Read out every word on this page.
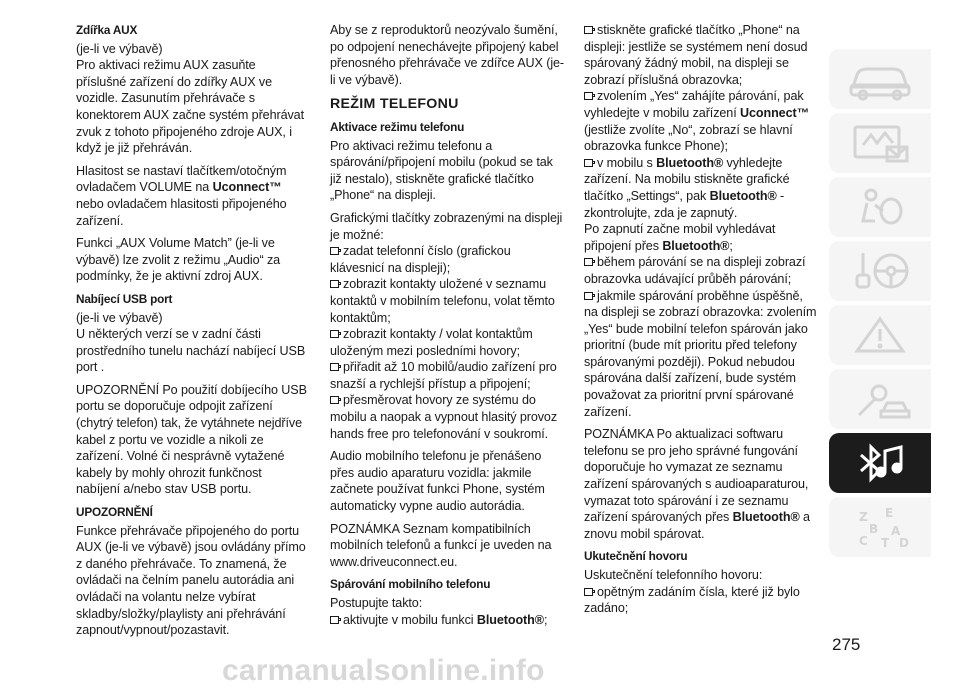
Zdířka AUX

(je-li ve výbavě)

Pro aktivaci režimu AUX zasuňte příslušné zařízení do zdířky AUX ve vozidle. Zasunutím přehrávače s konektorem AUX začne systém přehrávat zvuk z tohoto připojeného zdroje AUX, i když je již přehráván.

Hlasitost se nastaví tlačítkem/otočným ovladačem VOLUME na Uconnect™ nebo ovladačem hlasitosti připojeného zařízení.

Funkci „AUX Volume Match” (je-li ve výbavě) lze zvolit z režimu „Audio“ za podmínky, že je aktivní zdroj AUX.

Nabíjecí USB port

(je-li ve výbavě)

U některých verzí se v zadní části prostředního tunelu nachází nabíjecí USB port .

UPOZORNĚNÍ Po použití dobíjecího USB portu se doporučuje odpojit zařízení (chytrý telefon) tak, že vytáhnete nejdříve kabel z portu ve vozidle a nikoli ze zařízení. Volné či nesprávně vytažené kabely by mohly ohrozit funkčnost nabíjení a/nebo stav USB portu.

UPOZORNĚNÍ

Funkce přehrávače připojeného do portu AUX (je-li ve výbavě) jsou ovládány přímo z daného přehrávače. To znamená, že ovládači na čelním panelu autorádia ani ovládači na volantu nelze vybírat skladby/složky/playlisty ani přehrávání zapnout/vypnout/pozastavit.

Aby se z reproduktorů neozývalo šumění, po odpojení nenechávejte připojený kabel přenosného přehrávače ve zdířce AUX (je-li ve výbavě).

REŽIM TELEFONU
Aktivace režimu telefonu

Pro aktivaci režimu telefonu a spárování/připojení mobilu (pokud se tak již nestalo), stiskněte grafické tlačítko „Phone“ na displeji.

Grafickými tlačítky zobrazenými na displeji je možné:

zadat telefonní číslo (grafickou klávesnicí na displeji);
zobrazit kontakty uložené v seznamu kontaktů v mobilním telefonu, volat těmto kontaktům;
zobrazit kontakty / volat kontaktům uloženým mezi posledními hovory;
přiřadit až 10 mobilů/audio zařízení pro snazší a rychlejší přístup a připojení;
přesměrovat hovory ze systému do mobilu a naopak a vypnout hlasitý provoz hands free pro telefonování v soukromí.

Audio mobilního telefonu je přenášeno přes audio aparaturu vozidla: jakmile začnete používat funkci Phone, systém automaticky vypne audio autorádia.

POZNÁMKA Seznam kompatibilních mobilních telefonů a funkcí je uveden na www.driveuconnect.eu.

Spárování mobilního telefonu

Postupujte takto:

aktivujte v mobilu funkci Bluetooth®;
stiskněte grafické tlačítko „Phone“ na displeji: jestliže se systémem není dosud spárovaný žádný mobil, na displeji se zobrazí příslušná obrazovka;
zvolením „Yes“ zahájíte párování, pak vyhledejte v mobilu zařízení Uconnect™ (jestliže zvolíte „No“, zobrazí se hlavní obrazovka funkce Phone);
v mobilu s Bluetooth® vyhledejte zařízení. Na mobilu stiskněte grafické tlačítko „Settings“, pak Bluetooth® - zkontrolujte, zda je zapnutý.
Po zapnutí začne mobil vyhledávat připojení přes Bluetooth®;
během párování se na displeji zobrazí obrazovka udávající průběh párování;
jakmile spárování proběhne úspěšně, na displeji se zobrazí obrazovka: zvolením „Yes“ bude mobilní telefon spárován jako prioritní (bude mít prioritu před telefony spárovanými později). Pokud nebudou spárována další zařízení, bude systém považovat za prioritní první spárované zařízení.

POZNÁMKA Po aktualizaci softwaru telefonu se pro jeho správné fungování doporučuje ho vymazat ze seznamu zařízení spárovaných s audioaparaturou, vymazat toto spárování i ze seznamu zařízení spárovaných přes Bluetooth® a znovu mobil spárovat.

Ukutečnění hovoru

Uskutečnění telefonního hovoru:

opětným zadáním čísla, které již bylo zadáno;
Z E
B A
C T D
275
carmanualsonline.info
